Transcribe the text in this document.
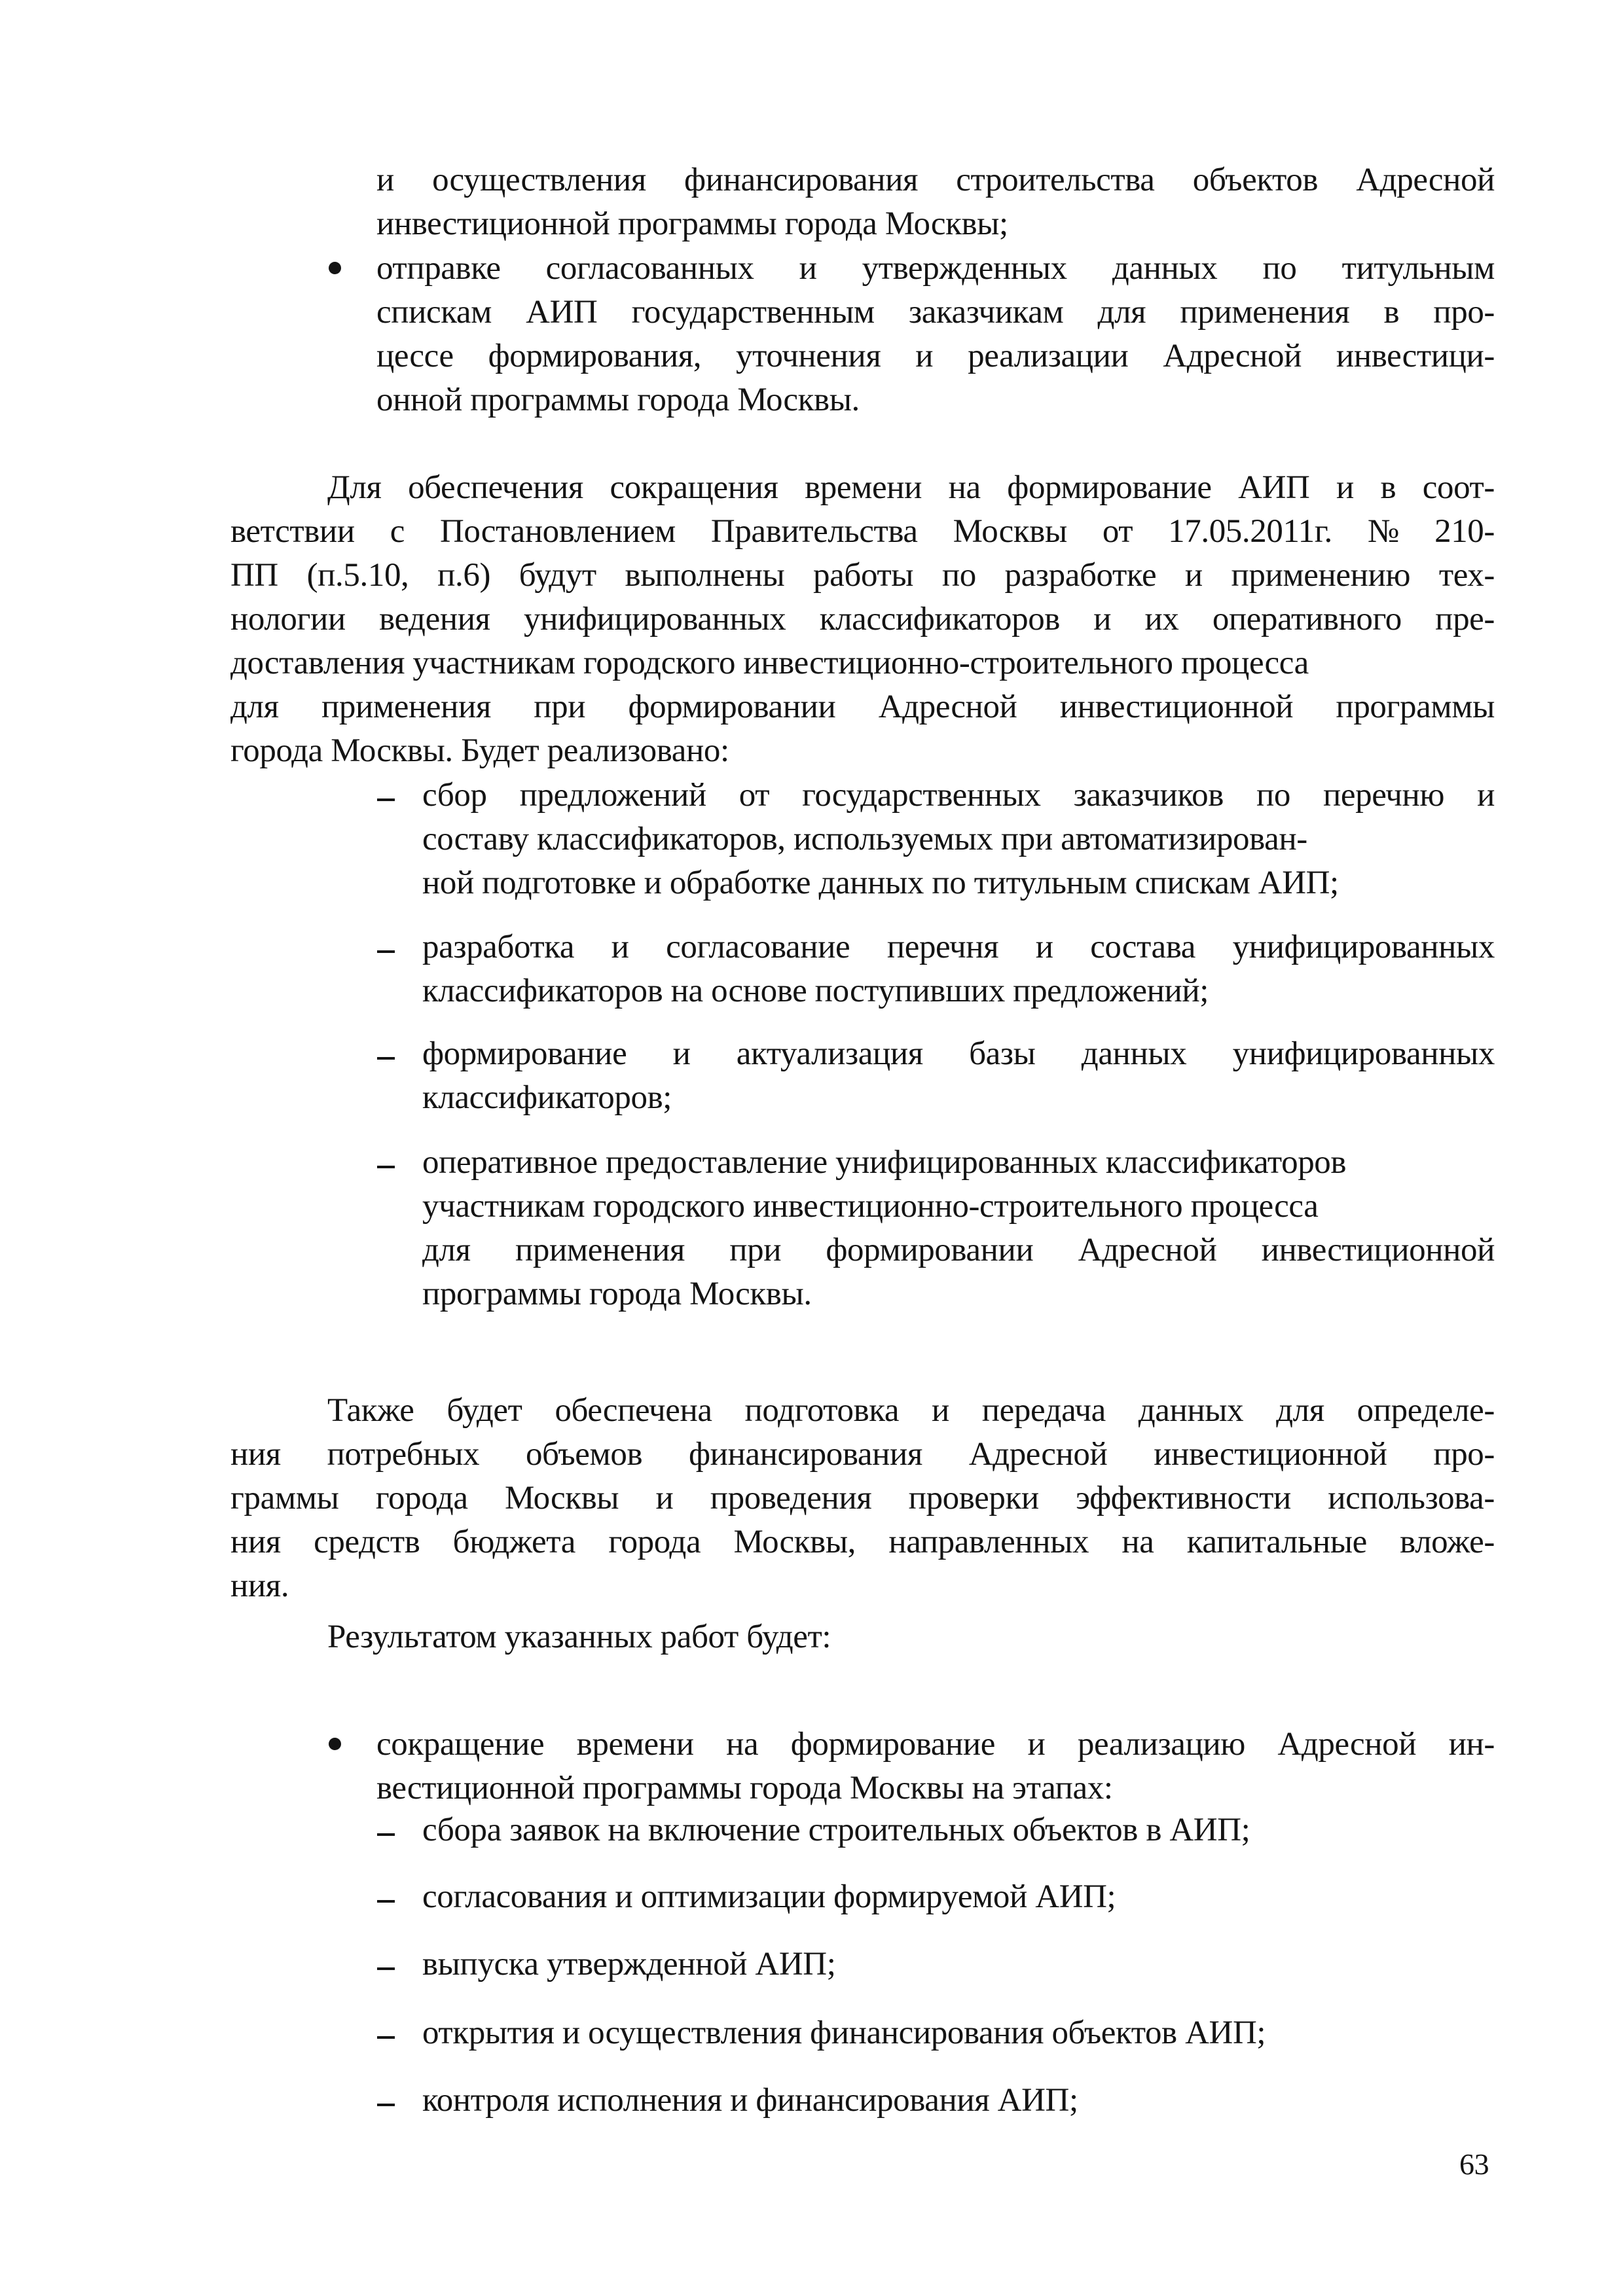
и осуществления финансирования строительства объектов Адресной
инвестиционной программы города Москвы;
отправке согласованных и утвержденных данных по титульным
спискам АИП государственным заказчикам для применения в про-
цессе формирования, уточнения и реализации Адресной инвестици-
онной программы города Москвы.
Для обеспечения сокращения времени на формирование АИП и в соот-
ветствии с Постановлением Правительства Москвы от 17.05.2011г. № 210-
ПП (п.5.10, п.6) будут выполнены работы по разработке и применению тех-
нологии ведения унифицированных классификаторов и их оперативного пре-
доставления участникам городского инвестиционно-строительного процесса
для применения при формировании Адресной инвестиционной программы
города Москвы. Будет реализовано:
сбор предложений от государственных заказчиков по перечню и
составу классификаторов, используемых при автоматизирован-
ной подготовке и обработке данных по титульным спискам АИП;
разработка и согласование перечня и состава унифицированных
классификаторов на основе поступивших предложений;
формирование и актуализация базы данных унифицированных
классификаторов;
оперативное предоставление унифицированных классификаторов
участникам городского инвестиционно-строительного процесса
для применения при формировании Адресной инвестиционной
программы города Москвы.
Также будет обеспечена подготовка и передача данных для определе-
ния потребных объемов финансирования Адресной инвестиционной про-
граммы города Москвы и проведения проверки эффективности использова-
ния средств бюджета города Москвы, направленных на капитальные вложе-
ния.
Результатом указанных работ будет:
сокращение времени на формирование и реализацию Адресной ин-
вестиционной программы города Москвы на этапах:
сбора заявок на включение строительных объектов в АИП;
согласования и оптимизации формируемой АИП;
выпуска утвержденной АИП;
открытия и осуществления финансирования объектов АИП;
контроля исполнения и финансирования АИП;
63
